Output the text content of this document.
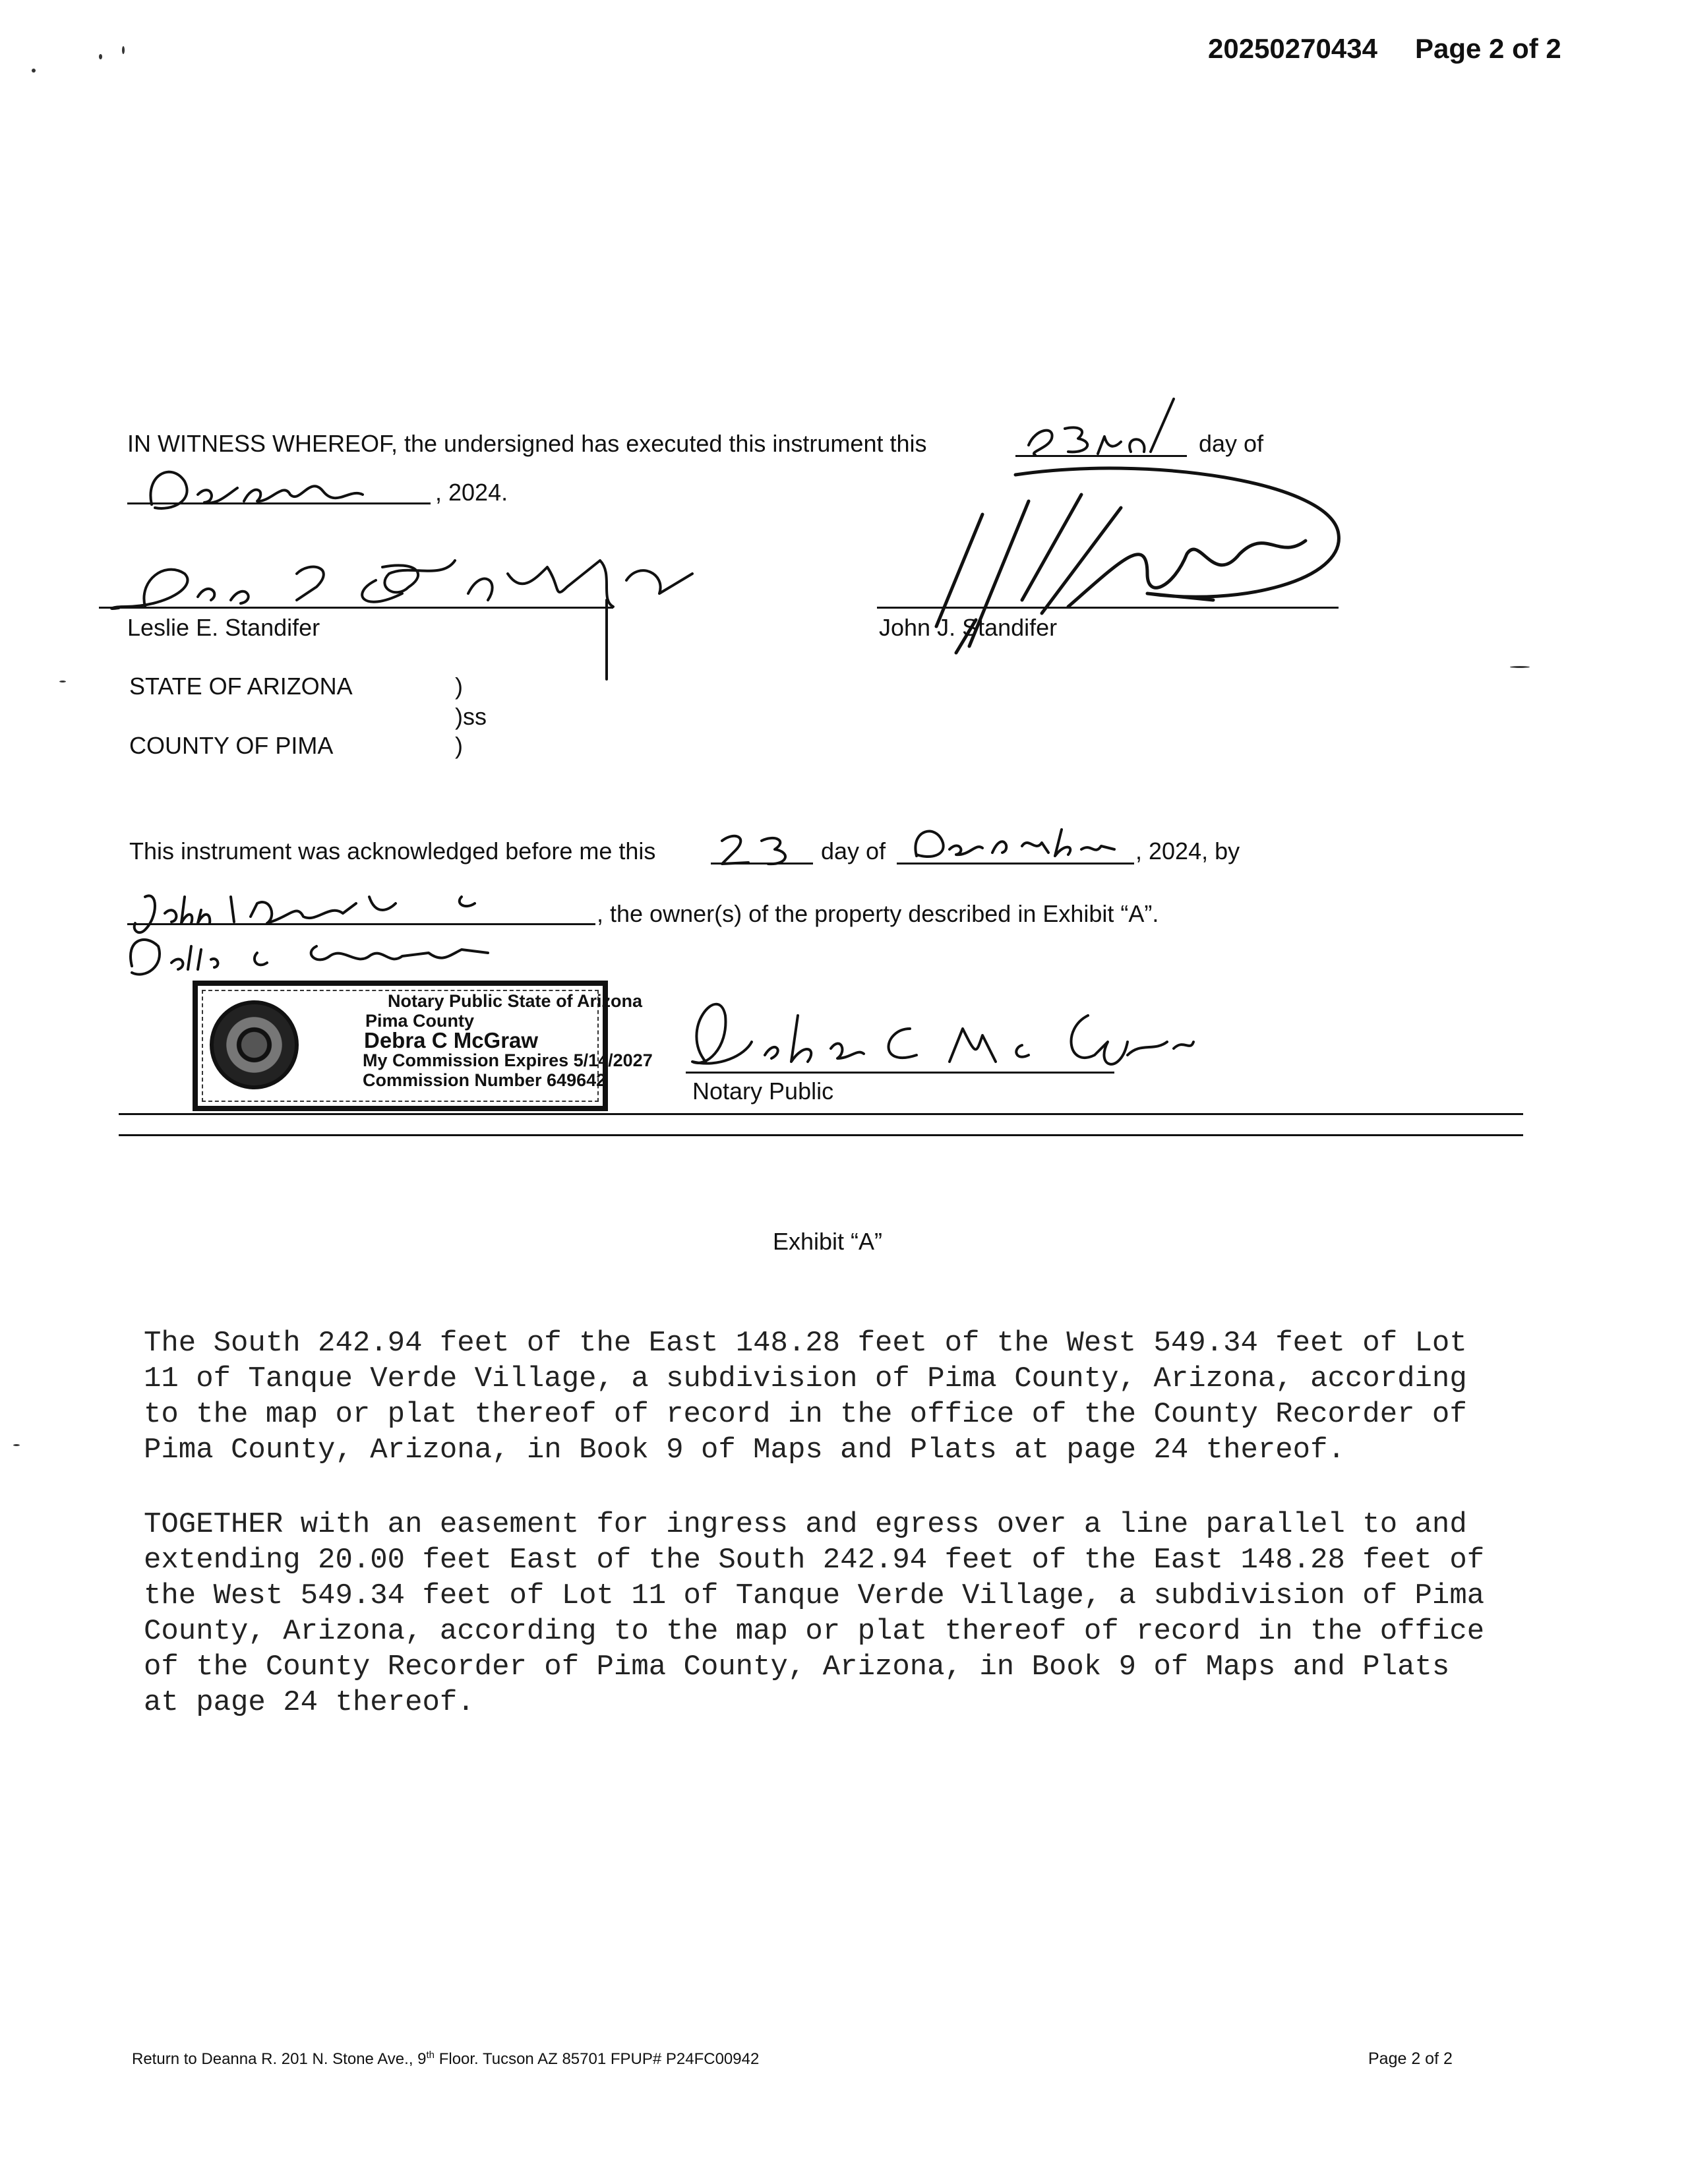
20250270434 Page 2 of 2
IN WITNESS WHEREOF, the undersigned has executed this instrument this	day of
, 2024.
Leslie E. Standifer	John J. Standifer
STATE OF ARIZONA	)
)ss
COUNTY OF PIMA	)
This instrument was acknowledged before me this	day of	, 2024, by
, the owner(s) of the property described in Exhibit “A”.
Notary Public State of Arizona
Pima County
Debra C McGraw
My Commission Expires 5/14/2027
Commission Number 649642	Notary Public
Exhibit “A”
The South 242.94 feet of the East 148.28 feet of the West 549.34 feet of Lot
11 of Tanque Verde Village, a subdivision of Pima County, Arizona, according
to the map or plat thereof of record in the office of the County Recorder of
Pima County, Arizona, in Book 9 of Maps and Plats at page 24 thereof.
TOGETHER with an easement for ingress and egress over a line parallel to and
extending 20.00 feet East of the South 242.94 feet of the East 148.28 feet of
the West 549.34 feet of Lot 11 of Tanque Verde Village, a subdivision of Pima
County, Arizona, according to the map or plat thereof of record in the office
of the County Recorder of Pima County, Arizona, in Book 9 of Maps and Plats
at page 24 thereof.
Return to Deanna R. 201 N. Stone Ave., 9th Floor. Tucson AZ 85701 FPUP# P24FC00942	Page 2 of 2
